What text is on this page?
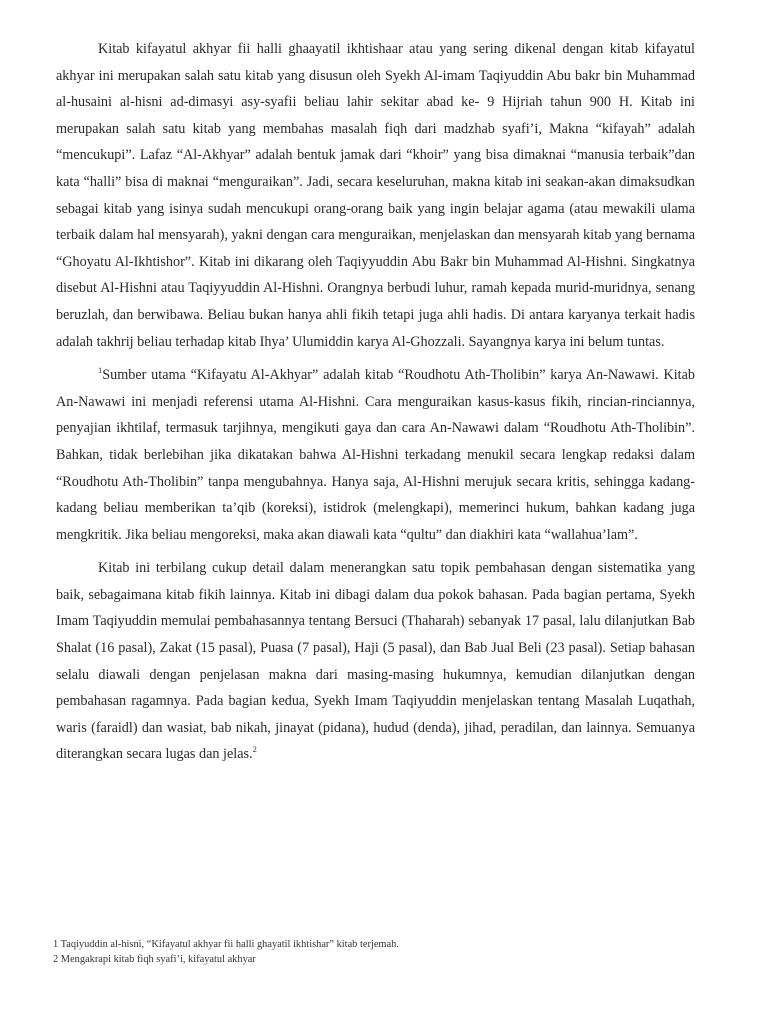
Kitab kifayatul akhyar fii halli ghaayatil ikhtishaar atau yang sering dikenal dengan kitab kifayatul akhyar ini merupakan salah satu kitab yang disusun oleh Syekh Al-imam Taqiyuddin Abu bakr bin Muhammad al-husaini al-hisni ad-dimasyi asy-syafii beliau lahir sekitar abad ke- 9 Hijriah tahun 900 H. Kitab ini merupakan salah satu kitab yang membahas masalah fiqh dari madzhab syafi’i, Makna “kifayah” adalah “mencukupi”. Lafaz “Al-Akhyar” adalah bentuk jamak dari “khoir” yang bisa dimaknai “manusia terbaik”dan kata “halli” bisa di maknai “menguraikan”. Jadi, secara keseluruhan, makna kitab ini seakan-akan dimaksudkan sebagai kitab yang isinya sudah mencukupi orang-orang baik yang ingin belajar agama (atau mewakili ulama terbaik dalam hal mensyarah), yakni dengan cara menguraikan, menjelaskan dan mensyarah kitab yang bernama “Ghoyatu Al-Ikhtishor”. Kitab ini dikarang oleh Taqiyyuddin Abu Bakr bin Muhammad Al-Hishni. Singkatnya disebut Al-Hishni atau Taqiyyuddin Al-Hishni. Orangnya berbudi luhur, ramah kepada murid-muridnya, senang beruzlah, dan berwibawa. Beliau bukan hanya ahli fikih tetapi juga ahli hadis. Di antara karyanya terkait hadis adalah takhrij beliau terhadap kitab Ihya’ Ulumiddin karya Al-Ghozzali. Sayangnya karya ini belum tuntas.

$^1$Sumber utama “Kifayatu Al-Akhyar” adalah kitab “Roudhotu Ath-Tholibin” karya An-Nawawi. Kitab An-Nawawi ini menjadi referensi utama Al-Hishni. Cara menguraikan kasus-kasus fikih, rincian-rinciannya, penyajian ikhtilaf, termasuk tarjihnya, mengikuti gaya dan cara An-Nawawi dalam “Roudhotu Ath-Tholibin”. Bahkan, tidak berlebihan jika dikatakan bahwa Al-Hishni terkadang menukil secara lengkap redaksi dalam “Roudhotu Ath-Tholibin” tanpa mengubahnya. Hanya saja, Al-Hishni merujuk secara kritis, sehingga kadang-kadang beliau memberikan ta’qib (koreksi), istidrok (melengkapi), memerinci hukum, bahkan kadang juga mengkritik. Jika beliau mengoreksi, maka akan diawali kata “qultu” dan diakhiri kata “wallahua’lam”.

Kitab ini terbilang cukup detail dalam menerangkan satu topik pembahasan dengan sistematika yang baik, sebagaimana kitab fikih lainnya. Kitab ini dibagi dalam dua pokok bahasan. Pada bagian pertama, Syekh Imam Taqiyuddin memulai pembahasannya tentang Bersuci (Thaharah) sebanyak 17 pasal, lalu dilanjutkan Bab Shalat (16 pasal), Zakat (15 pasal), Puasa (7 pasal), Haji (5 pasal), dan Bab Jual Beli (23 pasal). Setiap bahasan selalu diawali dengan penjelasan makna dari masing-masing hukumnya, kemudian dilanjutkan dengan pembahasan ragamnya. Pada bagian kedua, Syekh Imam Taqiyuddin menjelaskan tentang Masalah Luqathah, waris (faraidl) dan wasiat, bab nikah, jinayat (pidana), hudud (denda), jihad, peradilan, dan lainnya. Semuanya diterangkan secara lugas dan jelas.$^2$

1 Taqiyuddin al-hisni, “Kifayatul akhyar fii halli ghayatil ikhtishar” kitab terjemah.
2 Mengakrapi kitab fiqh syafi’i, kifayatul akhyar
